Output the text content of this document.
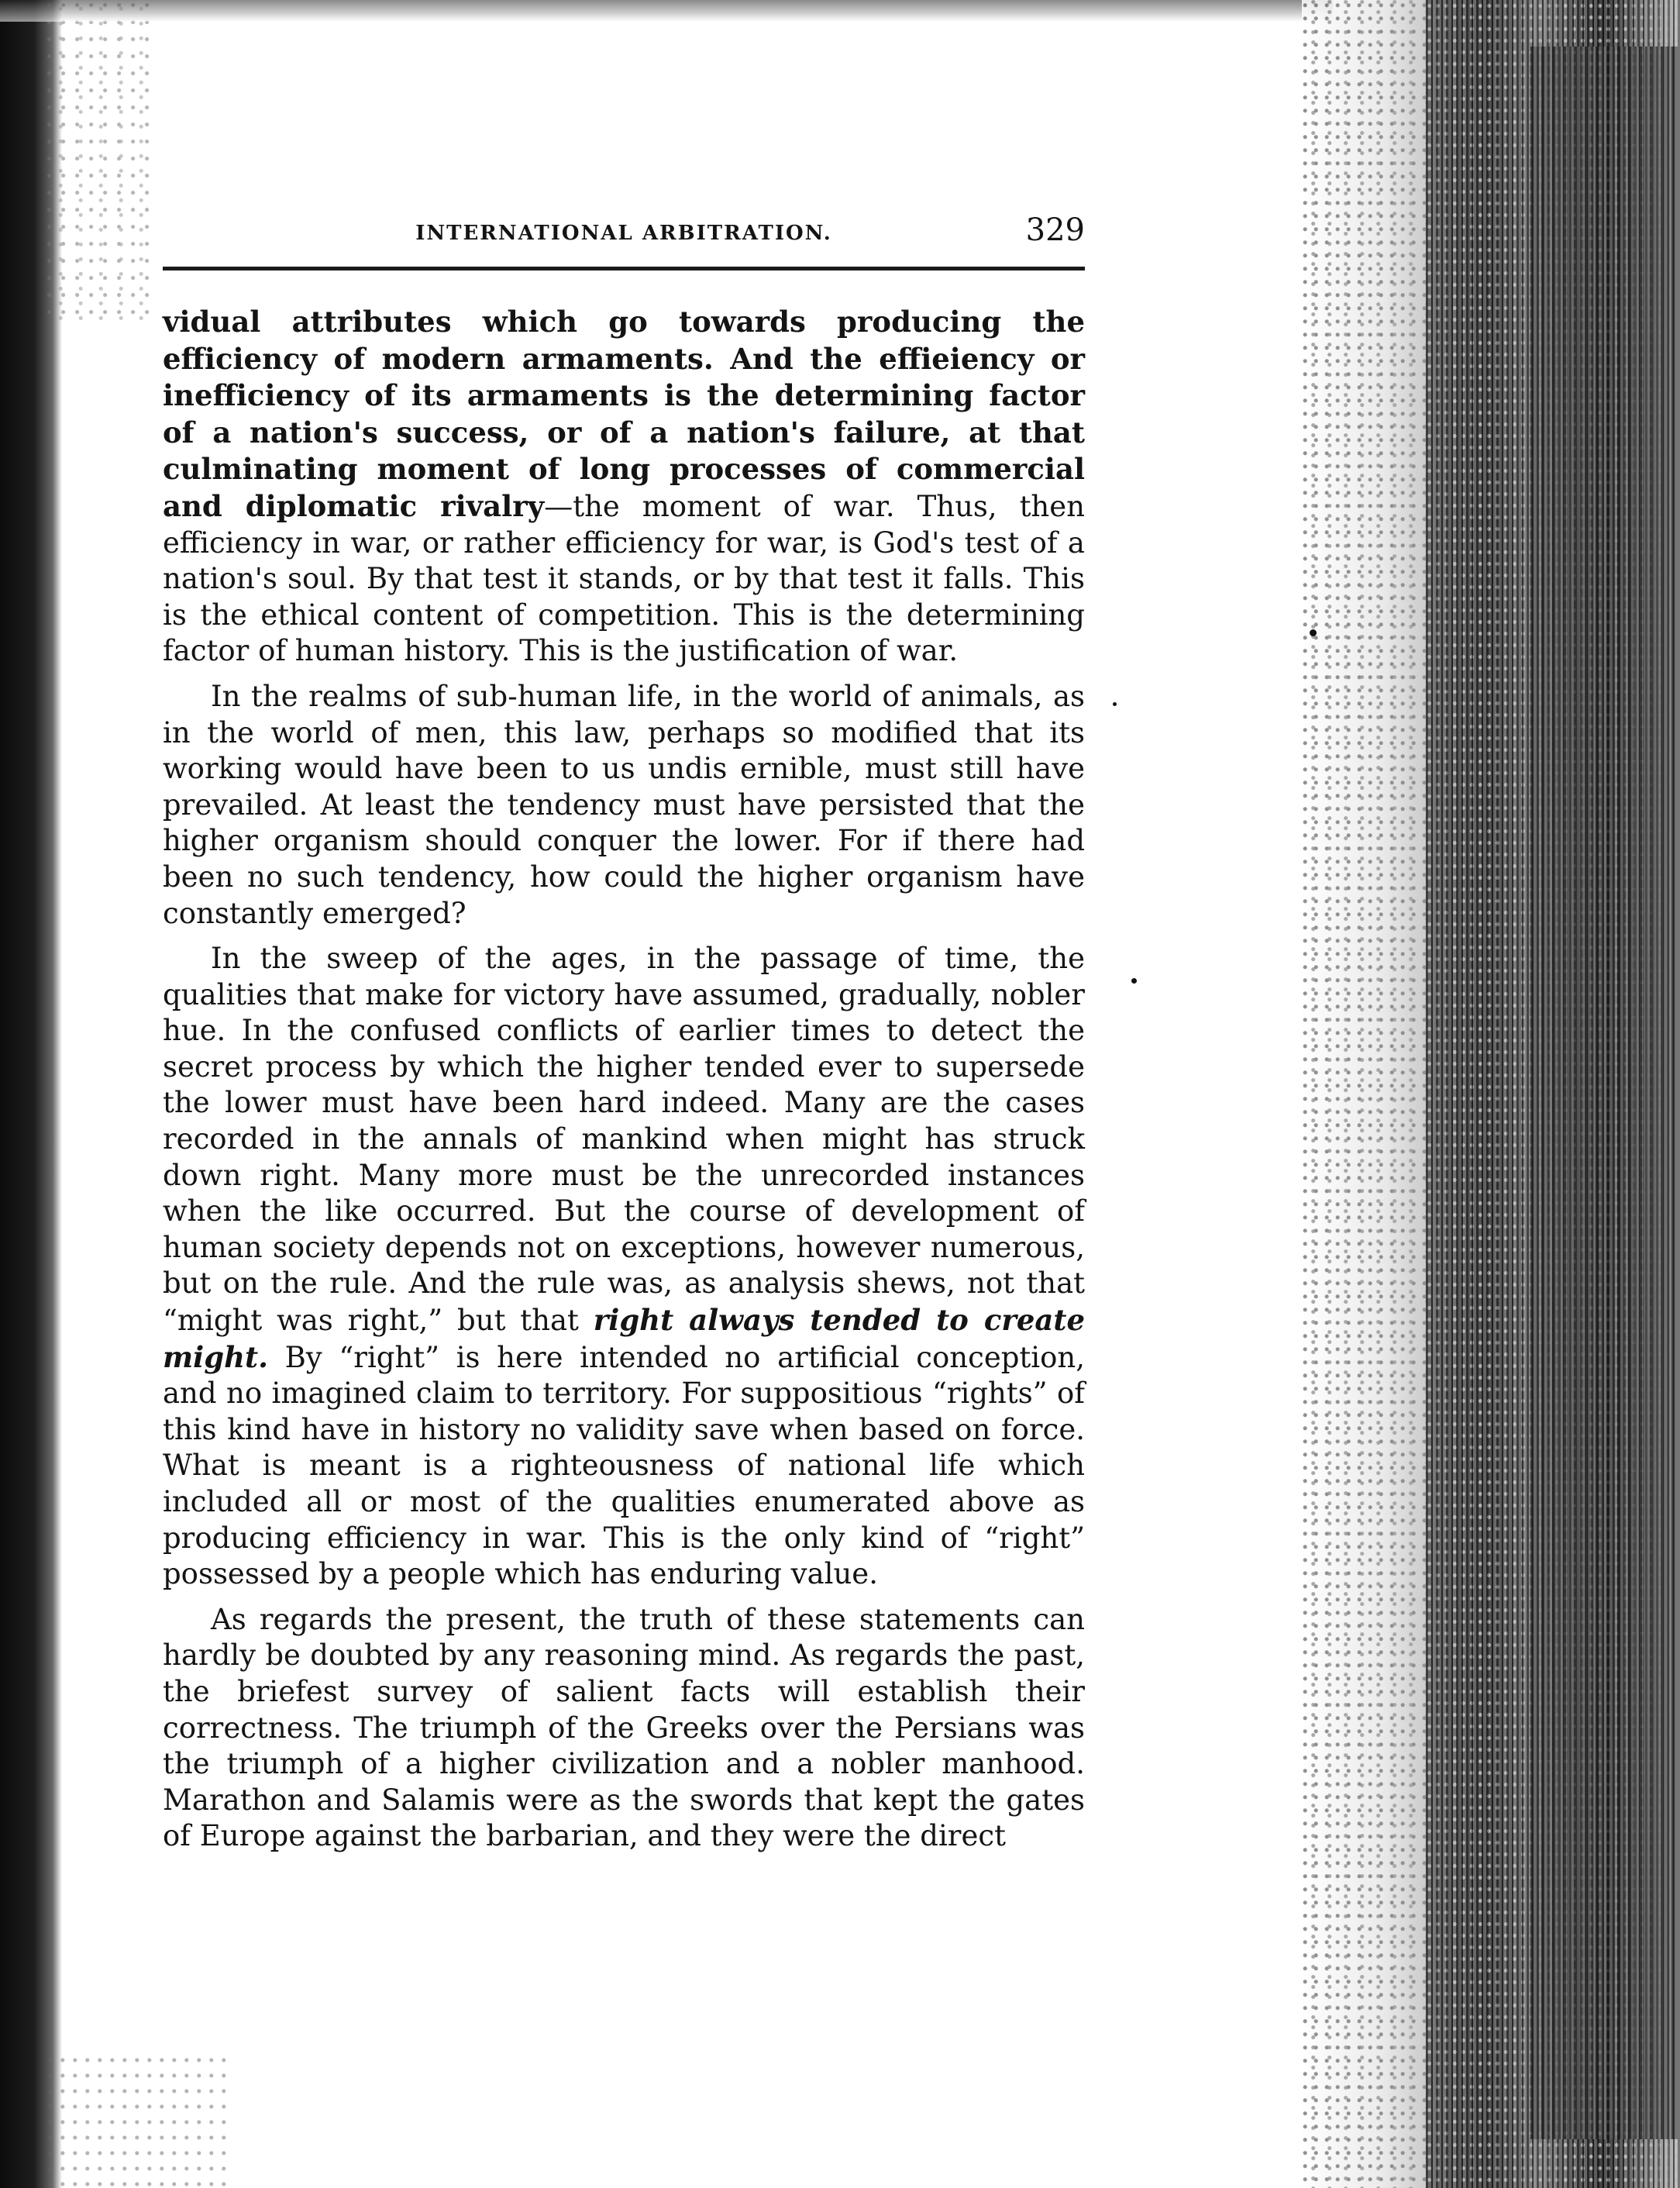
INTERNATIONAL ARBITRATION.	329

vidual attributes which go towards producing the efficiency of modern armaments. And the effieiency or inefficiency of its armaments is the determining factor of a nation's success, or of a nation's failure, at that culminating moment of long processes of commercial and diplomatic rivalry—the moment of war. Thus, then efficiency in war, or rather efficiency for war, is God's test of a nation's soul. By that test it stands, or by that test it falls. This is the ethical content of competition. This is the determining factor of human history. This is the justification of war.

In the realms of sub-human life, in the world of animals, as in the world of men, this law, perhaps so modified that its working would have been to us undis ernible, must still have prevailed. At least the tendency must have persisted that the higher organism should conquer the lower. For if there had been no such tendency, how could the higher organism have constantly emerged?

In the sweep of the ages, in the passage of time, the qualities that make for victory have assumed, gradually, nobler hue. In the confused conflicts of earlier times to detect the secret process by which the higher tended ever to supersede the lower must have been hard indeed. Many are the cases recorded in the annals of mankind when might has struck down right. Many more must be the unrecorded instances when the like occurred. But the course of development of human society depends not on exceptions, however numerous, but on the rule. And the rule was, as analysis shews, not that “might was right,” but that right always tended to create might. By “right” is here intended no artificial conception, and no imagined claim to territory. For suppositious “rights” of this kind have in history no validity save when based on force. What is meant is a righteousness of national life which included all or most of the qualities enumerated above as producing efficiency in war. This is the only kind of “right” possessed by a people which has enduring value.

As regards the present, the truth of these statements can hardly be doubted by any reasoning mind. As regards the past, the briefest survey of salient facts will establish their correctness. The triumph of the Greeks over the Persians was the triumph of a higher civilization and a nobler manhood. Marathon and Salamis were as the swords that kept the gates of Europe against the barbarian, and they were the direct
